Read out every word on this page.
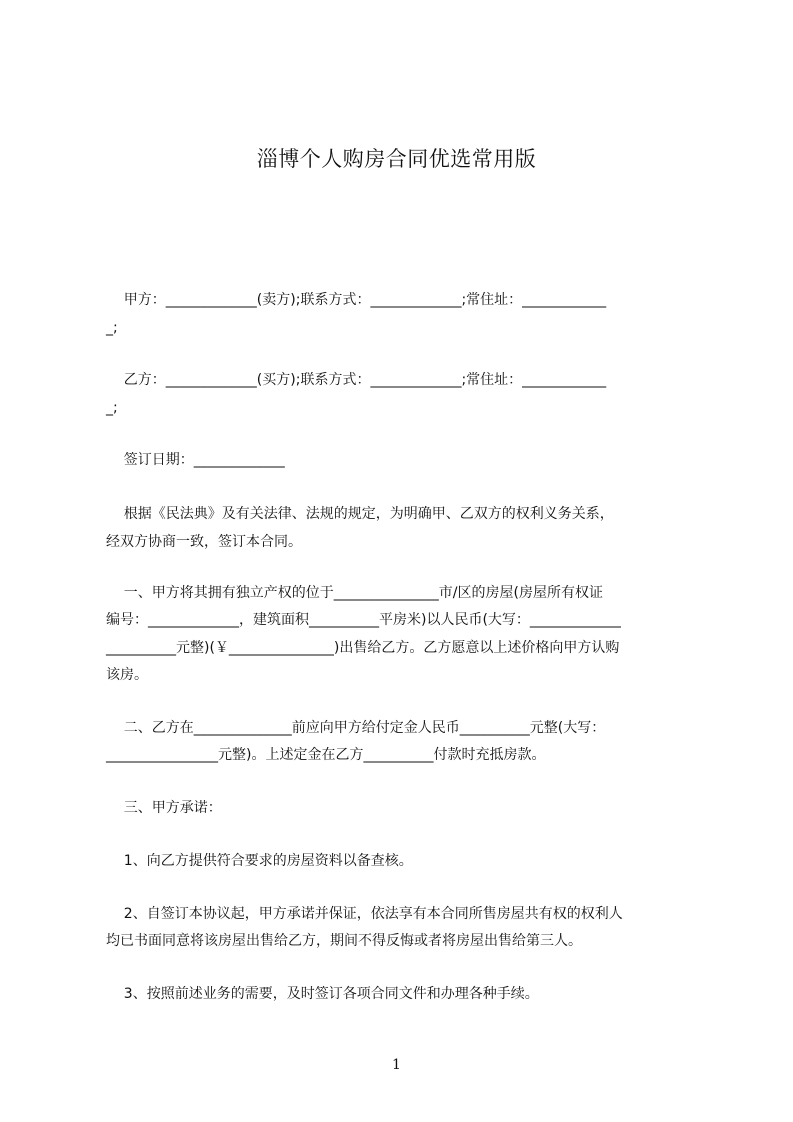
淄博个人购房合同优选常用版
甲方：_____________(卖方);联系方式：_____________;常住址：____________
_;
乙方：_____________(买方);联系方式：_____________;常住址：____________
_;
签订日期：_____________
根据《民法典》及有关法律、法规的规定，为明确甲、乙双方的权利义务关系，
经双方协商一致，签订本合同。
一、甲方将其拥有独立产权的位于_______________市/区的房屋(房屋所有权证
编号：_____________，建筑面积__________平房米)以人民币(大写：_____________
__________元整)(￥_______________)出售给乙方。乙方愿意以上述价格向甲方认购
该房。
二、乙方在______________前应向甲方给付定金人民币__________元整(大写：
________________元整)。上述定金在乙方__________付款时充抵房款。
三、甲方承诺：
1、向乙方提供符合要求的房屋资料以备查核。
2、自签订本协议起，甲方承诺并保证，依法享有本合同所售房屋共有权的权利人
均已书面同意将该房屋出售给乙方，期间不得反悔或者将房屋出售给第三人。
3、按照前述业务的需要，及时签订各项合同文件和办理各种手续。
1
